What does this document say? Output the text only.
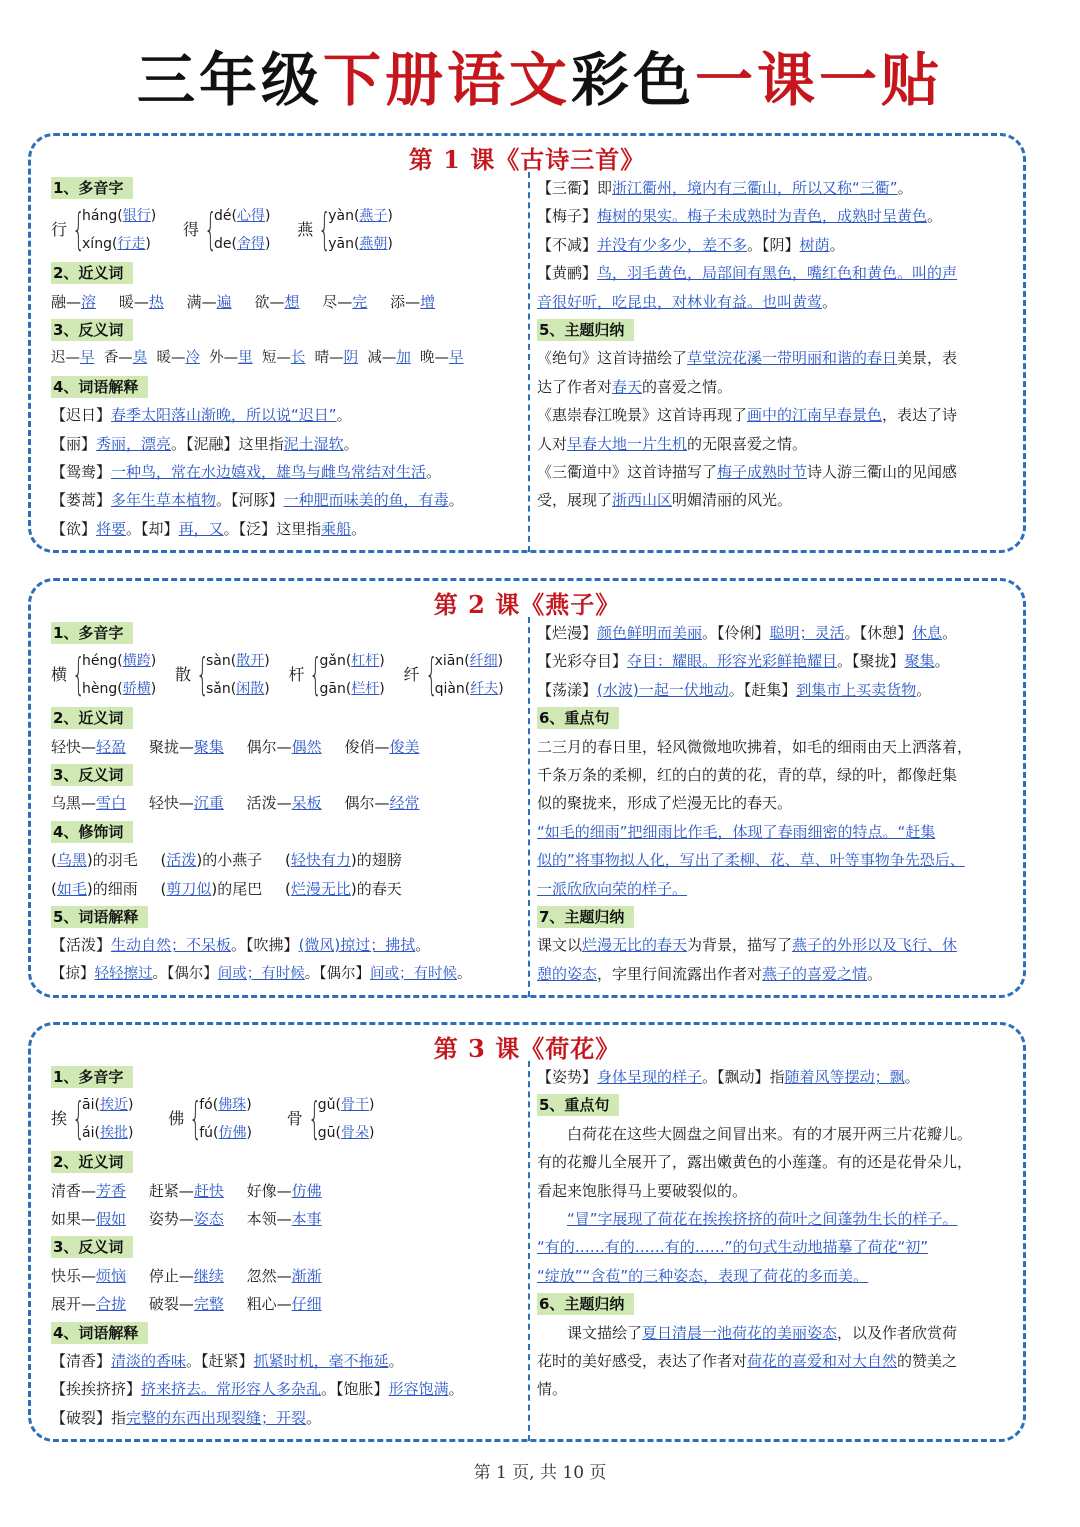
三年级下册语文彩色一课一贴
第 1 课《古诗三首》
1、多音字
行 {
háng(银行)
xíng(行走)

得 {
dé(心得)
de(舍得)

燕 {
yàn(燕子)
yān(燕朝)
2、近义词
融—溶 暖—热 满—遍 欲—想 尽—完 添—增
3、反义词
迟—早 香—臭 暖—冷 外—里 短—长 晴—阴 减—加 晚—早
4、词语解释
【迟日】春季太阳落山渐晚，所以说“迟日”。
【丽】秀丽，漂亮。【泥融】这里指泥土湿软。
【鸳鸯】一种鸟，常在水边嬉戏，雄鸟与雌鸟常结对生活。
【蒌蒿】多年生草本植物。【河豚】一种肥而味美的鱼，有毒。
【欲】将要。【却】再，又。【泛】这里指乘船。
【三衢】即浙江衢州，境内有三衢山，所以又称“三衢”。
【梅子】梅树的果实。梅子未成熟时为青色，成熟时呈黄色。
【不减】并没有少多少，差不多。【阴】树荫。
【黄鹂】鸟，羽毛黄色，局部间有黑色，嘴红色和黄色。叫的声
音很好听，吃昆虫，对林业有益。也叫黄莺。
5、主题归纳
《绝句》这首诗描绘了草堂浣花溪一带明丽和谐的春日美景，表
达了作者对春天的喜爱之情。
《惠崇春江晚景》这首诗再现了画中的江南早春景色，表达了诗
人对早春大地一片生机的无限喜爱之情。
《三衢道中》这首诗描写了梅子成熟时节诗人游三衢山的见闻感
受，展现了浙西山区明媚清丽的风光。
第 2 课《燕子》
1、多音字
横 {
héng(横跨)
hèng(骄横)

散 {
sàn(散开)
sǎn(闲散)

杆 {
gǎn(杠杆)
gān(栏杆)

纤 {
xiān(纤细)
qiàn(纤夫)
2、近义词
轻快—轻盈 聚拢—聚集 偶尔—偶然 俊俏—俊美
3、反义词
乌黑—雪白 轻快—沉重 活泼—呆板 偶尔—经常
4、修饰词
(乌黑)的羽毛 (活泼)的小燕子 (轻快有力)的翅膀
(如毛)的细雨 (剪刀似)的尾巴 (烂漫无比)的春天
5、词语解释
【活泼】生动自然；不呆板。【吹拂】(微风)掠过；拂拭。
【掠】轻轻擦过。【偶尔】间或；有时候。【偶尔】间或；有时候。
【烂漫】颜色鲜明而美丽。【伶俐】聪明；灵活。【休憩】休息。
【光彩夺目】夺目：耀眼。形容光彩鲜艳耀目。【聚拢】聚集。
【荡漾】(水波)一起一伏地动。【赶集】到集市上买卖货物。
6、重点句
二三月的春日里，轻风微微地吹拂着，如毛的细雨由天上洒落着，
千条万条的柔柳，红的白的黄的花，青的草，绿的叶，都像赶集
似的聚拢来，形成了烂漫无比的春天。
“如毛的细雨”把细雨比作毛，体现了春雨细密的特点。“赶集
似的”将事物拟人化，写出了柔柳、花、草、叶等事物争先恐后、
一派欣欣向荣的样子。
7、主题归纳
课文以烂漫无比的春天为背景，描写了燕子的外形以及飞行、休
憩的姿态，字里行间流露出作者对燕子的喜爱之情。
第 3 课《荷花》
1、多音字
挨 {
āi(挨近)
ái(挨批)

佛 {
fó(佛珠)
fú(仿佛)

骨 {
gǔ(骨干)
gū(骨朵)
2、近义词
清香—芳香 赶紧—赶快 好像—仿佛
如果—假如 姿势—姿态 本领—本事
3、反义词
快乐—烦恼 停止—继续 忽然—渐渐
展开—合拢 破裂—完整 粗心—仔细
4、词语解释
【清香】清淡的香味。【赶紧】抓紧时机，毫不拖延。
【挨挨挤挤】挤来挤去。常形容人多杂乱。【饱胀】形容饱满。
【破裂】指完整的东西出现裂缝；开裂。
【姿势】身体呈现的样子。【飘动】指随着风等摆动；飘。
5、重点句
白荷花在这些大圆盘之间冒出来。有的才展开两三片花瓣儿。
有的花瓣儿全展开了，露出嫩黄色的小莲蓬。有的还是花骨朵儿，
看起来饱胀得马上要破裂似的。
“冒”字展现了荷花在挨挨挤挤的荷叶之间蓬勃生长的样子。
“有的……有的……有的……”的句式生动地描摹了荷花“初”
“绽放”“含苞”的三种姿态，表现了荷花的多而美。
6、主题归纳
课文描绘了夏日清晨一池荷花的美丽姿态，以及作者欣赏荷
花时的美好感受，表达了作者对荷花的喜爱和对大自然的赞美之
情。
第 1 页, 共 10 页
